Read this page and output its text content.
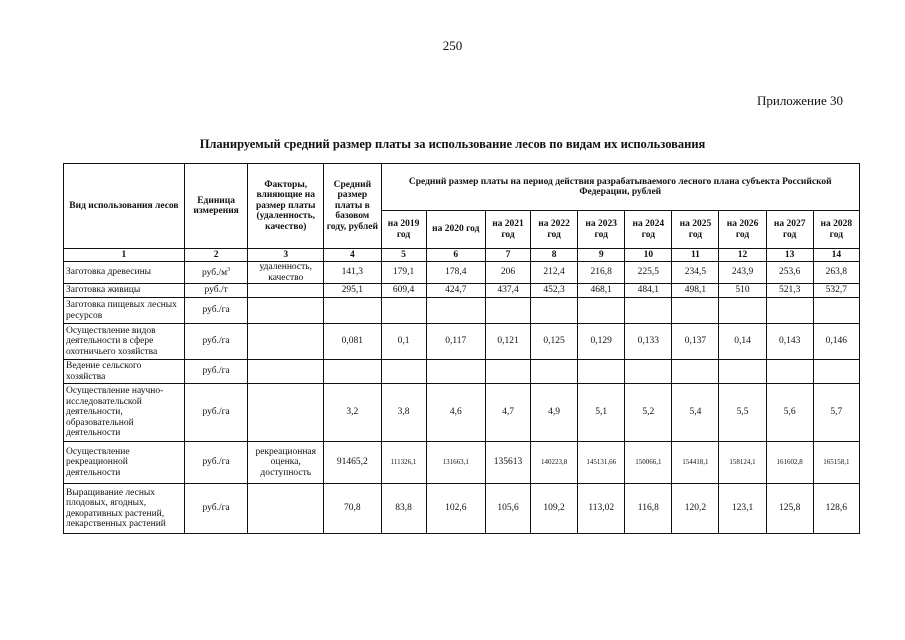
250
Приложение 30
Планируемый средний размер платы за использование лесов по видам их использования
Вид использования лесов	Единица измерения	Факторы, влияющие на размер платы (удаленность, качество)	Средний размер платы в базовом году, рублей	Средний размер платы на период действия разрабатываемого лесного плана субъекта Российской Федерации, рублей									
				на 2019 год	на 2020 год	на 2021 год	на 2022 год	на 2023 год	на 2024 год	на 2025 год	на 2026 год	на 2027 год	на 2028 год
1	2	3	4	5	6	7	8	9	10	11	12	13	14
Заготовка древесины	$руб./м^3$	удаленность, качество	141,3	179,1	178,4	206	212,4	216,8	225,5	234,5	243,9	253,6	263,8
Заготовка живицы	руб./т		295,1	609,4	424,7	437,4	452,3	468,1	484,1	498,1	510	521,3	532,7
Заготовка пищевых лесных ресурсов	руб./га												
Осуществление видов деятельности в сфере охотничьего хозяйства	руб./га		0,081	0,1	0,117	0,121	0,125	0,129	0,133	0,137	0,14	0,143	0,146
Ведение сельского хозяйства	руб./га												
Осуществление научно-исследовательской деятельности, образовательной деятельности	руб./га		3,2	3,8	4,6	4,7	4,9	5,1	5,2	5,4	5,5	5,6	5,7
Осуществление рекреационной деятельности	руб./га	рекреационная оценка, доступность	91465,2	111326,1	131663,1	135613	140223,8	145131,66	150066,1	154418,1	158124,1	161602,8	165158,1
Выращивание лесных плодовых, ягодных, декоративных растений, лекарственных растений	руб./га		70,8	83,8	102,6	105,6	109,2	113,02	116,8	120,2	123,1	125,8	128,6
